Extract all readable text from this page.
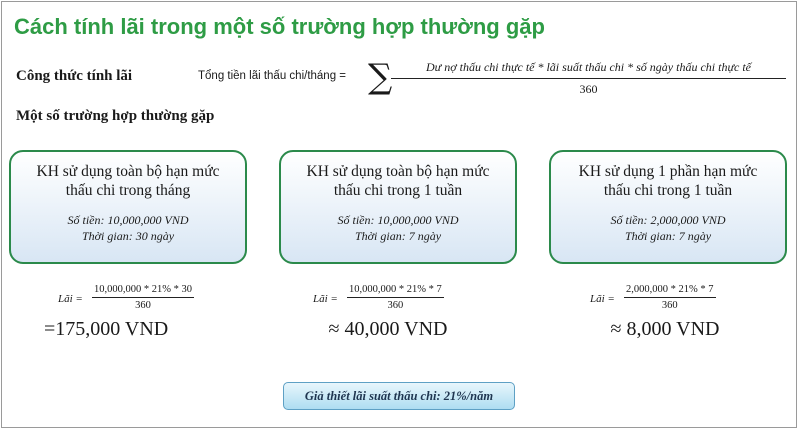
Cách tính lãi trong một số trường hợp thường gặp
Công thức tính lãi	Tổng tiền lãi thấu chi/tháng = ∑	Dư nợ thấu chi thực tế * lãi suất thấu chi * số ngày thấu chi thực tế
360
Một số trường hợp thường gặp
KH sử dụng toàn bộ hạn mức
thấu chi trong tháng
Số tiền: 10,000,000 VND
Thời gian: 30 ngày
Lãi = $\frac{10,000,000 * 21\% * 30}{360}$
=175,000 VND
KH sử dụng toàn bộ hạn mức
thấu chi trong 1 tuần
Số tiền: 10,000,000 VND
Thời gian: 7 ngày
Lãi = $\frac{10,000,000 * 21\% * 7}{360}$
≈ 40,000 VND
KH sử dụng 1 phần hạn mức
thấu chi trong 1 tuần
Số tiền: 2,000,000 VND
Thời gian: 7 ngày
Lãi = $\frac{2,000,000 * 21\% * 7}{360}$
≈ 8,000 VND
Giả thiết lãi suất thấu chi: 21%/năm
